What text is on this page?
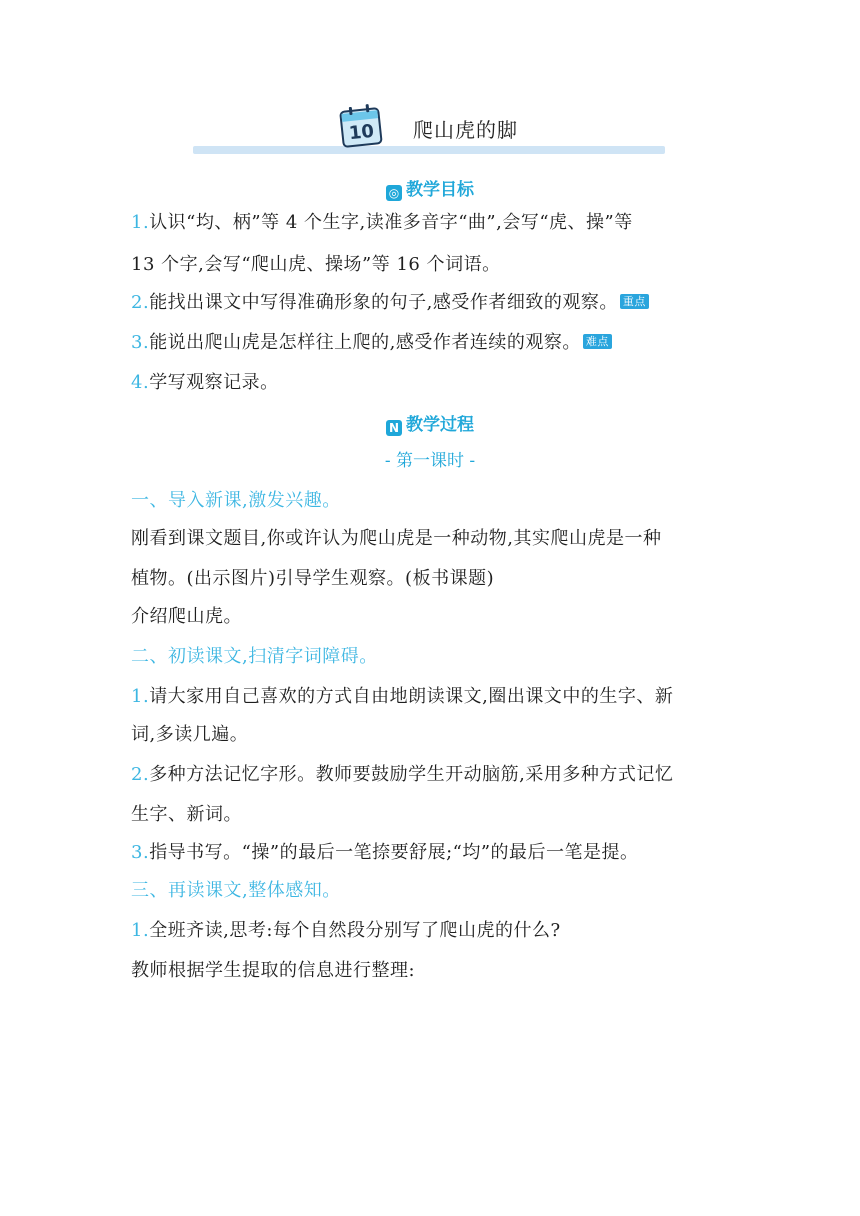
10 爬山虎的脚
◎ 教学目标
1.认识“均、柄”等 4 个生字,读准多音字“曲”,会写“虎、操”等
13 个字,会写“爬山虎、操场”等 16 个词语。
2.能找出课文中写得准确形象的句子,感受作者细致的观察。 重点
3.能说出爬山虎是怎样往上爬的,感受作者连续的观察。 难点
4.学写观察记录。
N 教学过程
- 第一课时 -
一、导入新课,激发兴趣。
刚看到课文题目,你或许认为爬山虎是一种动物,其实爬山虎是一种
植物。(出示图片)引导学生观察。(板书课题)
介绍爬山虎。
二、初读课文,扫清字词障碍。
1.请大家用自己喜欢的方式自由地朗读课文,圈出课文中的生字、新
词,多读几遍。
2.多种方法记忆字形。教师要鼓励学生开动脑筋,采用多种方式记忆
生字、新词。
3.指导书写。“操”的最后一笔捺要舒展;“均”的最后一笔是提。
三、再读课文,整体感知。
1.全班齐读,思考:每个自然段分别写了爬山虎的什么?
教师根据学生提取的信息进行整理:
